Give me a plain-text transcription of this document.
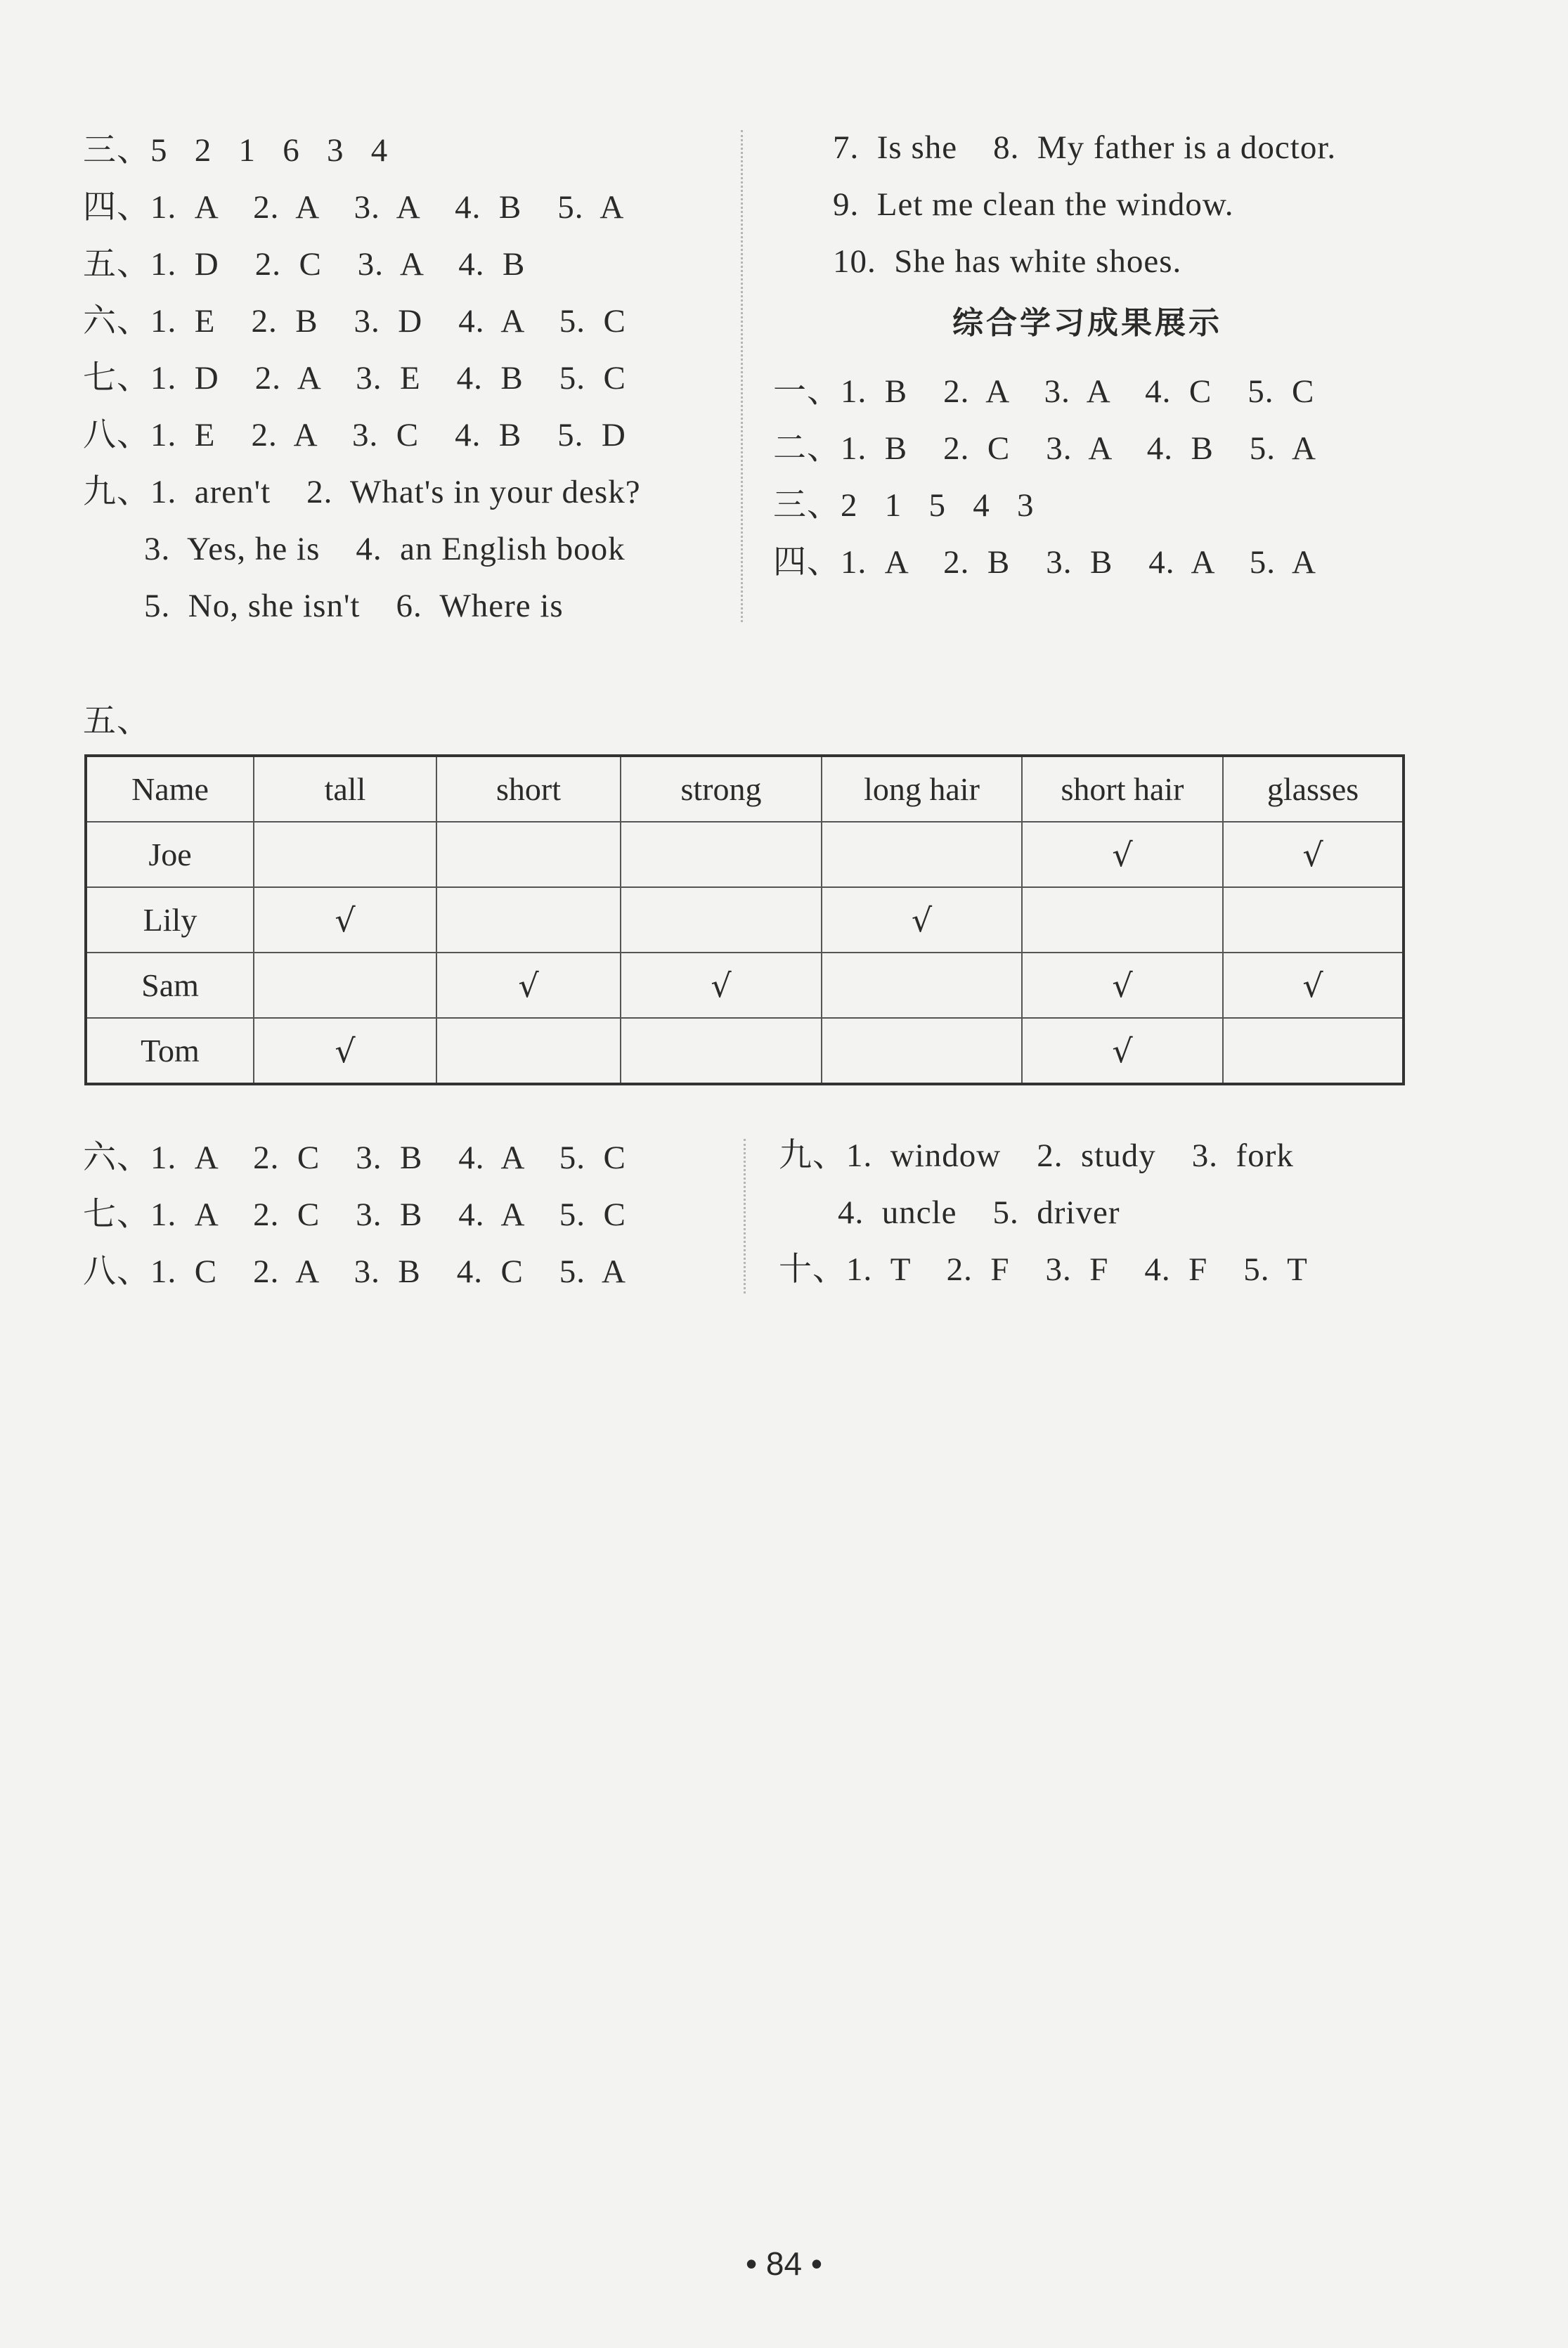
三、5   2   1   6   3   4
四、1.  A    2.  A    3.  A    4.  B    5.  A
五、1.  D    2.  C    3.  A    4.  B
六、1.  E    2.  B    3.  D    4.  A    5.  C
七、1.  D    2.  A    3.  E    4.  B    5.  C
八、1.  E    2.  A    3.  C    4.  B    5.  D
九、1.  aren't    2.  What's in your desk?
3.  Yes, he is    4.  an English book
5.  No, she isn't    6.  Where is
7.  Is she    8.  My father is a doctor.
9.  Let me clean the window.
10.  She has white shoes.
综合学习成果展示
一、1.  B    2.  A    3.  A    4.  C    5.  C
二、1.  B    2.  C    3.  A    4.  B    5.  A
三、2   1   5   4   3
四、1.  A    2.  B    3.  B    4.  A    5.  A
五、
Name	tall	short	strong	long hair	short hair	glasses
Joe					√	√
Lily	√			√		
Sam		√	√		√	√
Tom	√				√	
六、1.  A    2.  C    3.  B    4.  A    5.  C
七、1.  A    2.  C    3.  B    4.  A    5.  C
八、1.  C    2.  A    3.  B    4.  C    5.  A
九、1.  window    2.  study    3.  fork
4.  uncle    5.  driver
十、1.  T    2.  F    3.  F    4.  F    5.  T
• 84 •
